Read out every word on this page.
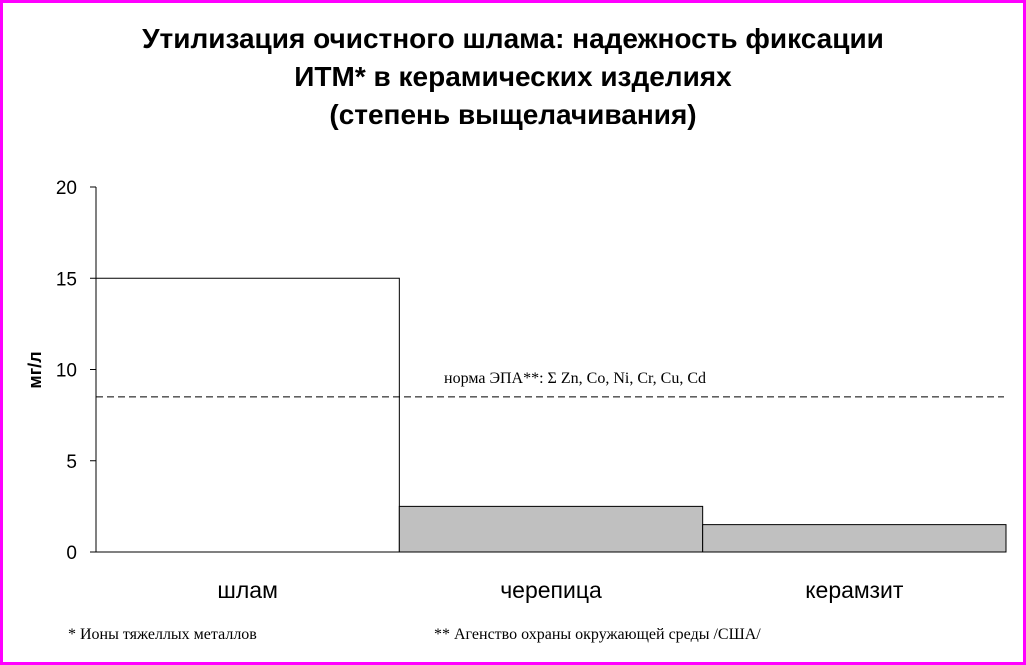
Утилизация очистного шлама: надежность фиксации
ИТМ* в керамических изделиях
(степень выщелачивания)
0
5
10
15
20
мг/л
шлам	черепица	керамзит
норма ЭПА**: Σ Zn, Co, Ni, Cr, Cu, Cd
* Ионы тяжеллых металлов	** Агенство охраны окружающей среды /США/
